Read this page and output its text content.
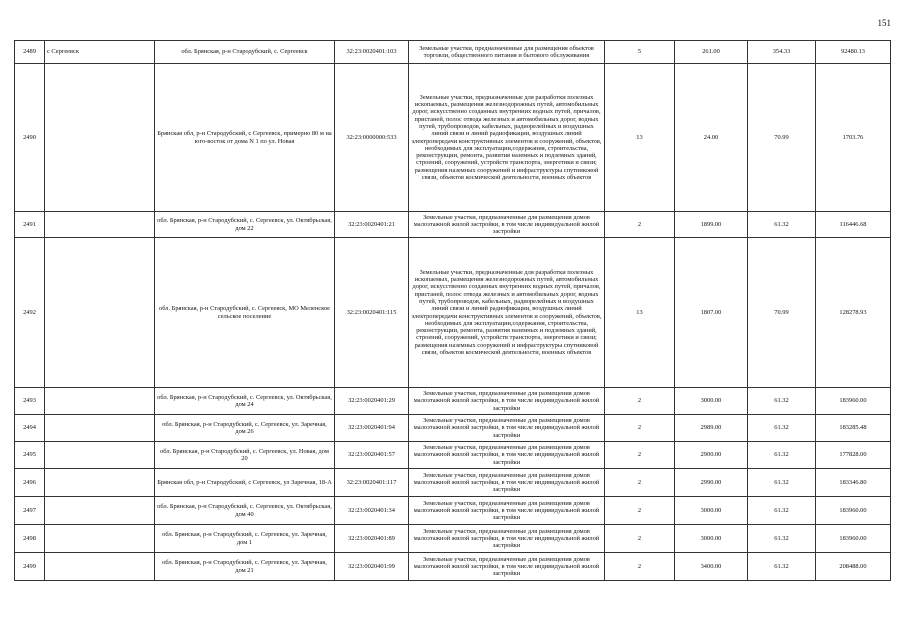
151
2489	с Сергеевск	обл. Брянская, р-н Стародубский, с. Сергеевск	32:23:0020401:103	Земельные участки, предназначенные для размещения объектов торговли, общественного питания и бытового обслуживания	5	261.00	354.33	92480.13
2490		Брянская обл, р-н Стародубский, с Сергеевск, примерно 80 м на юго-восток от дома N 1 по ул. Новая	32:23:0000000:533	Земельные участки, предназначенные для разработки полезных ископаемых, размещения железнодорожных путей, автомобильных дорог, искусственно созданных внутренних водных путей, причалов, пристаней, полос отвода железных и автомобильных дорог, водных путей, трубопроводов, кабельных, радиорелейных и воздушных линий связи и линий радиофикации, воздушных линий электропередачи конструктивных элементов и сооружений, объектов, необходимых для эксплуатации,содержания, строительства, реконструкции, ремонта, развития наземных и подземных зданий, строений, сооружений, устройств транспорта, энергетики и связи; размещения наземных сооружений и инфраструктуры спутниковой связи, объектов космической деятельности, военных объектов	13	24.00	70.99	1703.76
2491		обл. Брянская, р-н Стародубский, с. Сергеевск, ул. Октябрьская, дом 22	32:23:0020401:21	Земельные участки, предназначенные для размещения домов малоэтажной жилой застройки, в том числе индивидуальной жилой застройки	2	1899.00	61.32	116446.68
2492		обл. Брянская, р-н Стародубский, с. Сергеевск, МО Меленское сельское поселение	32:23:0020401:115	Земельные участки, предназначенные для разработки полезных ископаемых, размещения железнодорожных путей, автомобильных дорог, искусственно созданных внутренних водных путей, причалов, пристаней, полос отвода железных и автомобильных дорог, водных путей, трубопроводов, кабельных, радиорелейных и воздушных линий связи и линий радиофикации, воздушных линий электропередачи конструктивных элементов и сооружений, объектов, необходимых для эксплуатации,содержания, строительства, реконструкции, ремонта, развития наземных и подземных зданий, строений, сооружений, устройств транспорта, энергетики и связи; размещения наземных сооружений и инфраструктуры спутниковой связи, объектов космической деятельности, военных объектов	13	1807.00	70.99	128278.93
2493		обл. Брянская, р-н Стародубский, с. Сергеевск, ул. Октябрьская, дом 24	32:23:0020401:29	Земельные участки, предназначенные для размещения домов малоэтажной жилой застройки, в том числе индивидуальной жилой застройки	2	3000.00	61.32	183960.00
2494		обл. Брянская, р-н Стародубский, с. Сергеевск, ул. Заречная, дом 26	32:23:0020401:94	Земельные участки, предназначенные для размещения домов малоэтажной жилой застройки, в том числе индивидуальной жилой застройки	2	2989.00	61.32	183285.48
2495		обл. Брянская, р-н Стародубский, с. Сергеевск, ул. Новая, дом 20	32:23:0020401:57	Земельные участки, предназначенные для размещения домов малоэтажной жилой застройки, в том числе индивидуальной жилой застройки	2	2900.00	61.32	177828.00
2496		Брянская обл, р-н Стародубский, с Сергеевск, ул Заречная, 18-А	32:23:0020401:117	Земельные участки, предназначенные для размещения домов малоэтажной жилой застройки, в том числе индивидуальной жилой застройки	2	2990.00	61.32	183346.80
2497		обл. Брянская, р-н Стародубский, с. Сергеевск, ул. Октябрьская, дом 40	32:23:0020401:34	Земельные участки, предназначенные для размещения домов малоэтажной жилой застройки, в том числе индивидуальной жилой застройки	2	3000.00	61.32	183960.00
2498		обл. Брянская, р-н Стародубский, с. Сергеевск, ул. Заречная, дом 1	32:23:0020401:89	Земельные участки, предназначенные для размещения домов малоэтажной жилой застройки, в том числе индивидуальной жилой застройки	2	3000.00	61.32	183960.00
2499		обл. Брянская, р-н Стародубский, с. Сергеевск, ул. Заречная, дом 21	32:23:0020401:99	Земельные участки, предназначенные для размещения домов малоэтажной жилой застройки, в том числе индивидуальной жилой застройки	2	3400.00	61.32	208488.00
